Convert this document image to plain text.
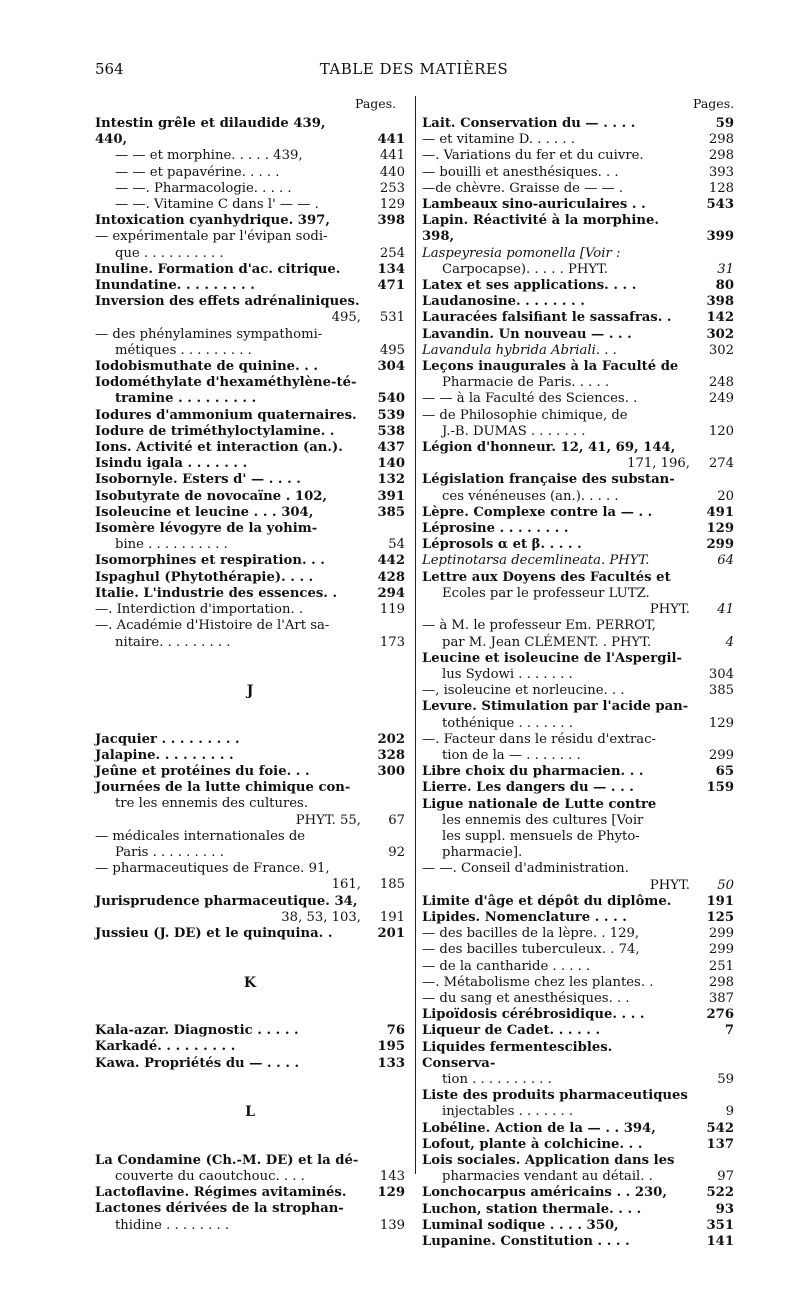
564	TABLE DES MATIÈRES
Pages.	Pages.
Intestin grêle et dilaudide 439, 440,	441
— — et morphine. . . . . 439,	441
— — et papavérine. . . . .	440
— —. Pharmacologie. . . . .	253
— —. Vitamine C dans l' — — .	129
Intoxication cyanhydrique. 397,	398
— expérimentale par l'évipan sodi-
que . . . . . . . . . .	254
Inuline. Formation d'ac. citrique.	134
Inundatine. . . . . . . . .	471
Inversion des effets adrénaliniques.
495,	531
— des phénylamines sympathomi-
métiques . . . . . . . . .	495
Iodobismuthate de quinine. . .	304
Iodométhylate d'hexaméthylène-té-
tramine . . . . . . . . .	540
Iodures d'ammonium quaternaires.	539
Iodure de triméthyloctylamine. .	538
Ions. Activité et interaction (an.).	437
Isindu igala . . . . . . .	140
Isobornyle. Esters d' — . . . .	132
Isobutyrate de novocaïne . 102,	391
Isoleucine et leucine . . . 304,	385
Isomère lévogyre de la yohim-
bine . . . . . . . . . .	54
Isomorphines et respiration. . .	442
Ispaghul (Phytothérapie). . . .	428
Italie. L'industrie des essences. .	294
—. Interdiction d'importation. .	119
—. Académie d'Histoire de l'Art sa-
nitaire. . . . . . . . .	173
J
Jacquier . . . . . . . . .	202
Jalapine. . . . . . . . .	328
Jeûne et protéines du foie. . .	300
Journées de la lutte chimique con-
tre les ennemis des cultures.
PHYT. 55,	67
— médicales internationales de
Paris . . . . . . . . .	92
— pharmaceutiques de France. 91,
161,	185
Jurisprudence pharmaceutique. 34,
38, 53, 103,	191
Jussieu (J. DE) et le quinquina. .	201
K
Kala-azar. Diagnostic . . . . .	76
Karkadé. . . . . . . . .	195
Kawa. Propriétés du — . . . .	133
L
La Condamine (Ch.-M. DE) et la dé-
couverte du caoutchouc. . . .	143
Lactoflavine. Régimes avitaminés.	129
Lactones dérivées de la strophan-
thidine . . . . . . . .	139
Lait. Conservation du — . . . .	59
— et vitamine D. . . . . .	298
—. Variations du fer et du cuivre.	298
— bouilli et anesthésiques. . .	393
—de chèvre. Graisse de — — .	128
Lambeaux sino-auriculaires . .	543
Lapin. Réactivité à la morphine. 398,	399
Laspeyresia pomonella [Voir :
Carpocapse). . . . . PHYT.	31
Latex et ses applications. . . .	80
Laudanosine. . . . . . . .	398
Lauracées falsifiant le sassafras. .	142
Lavandin. Un nouveau — . . .	302
Lavandula hybrida Abriali. . .	302
Leçons inaugurales à la Faculté de
Pharmacie de Paris. . . . .	248
— — à la Faculté des Sciences. .	249
— de Philosophie chimique, de
J.-B. DUMAS . . . . . . .	120
Légion d'honneur. 12, 41, 69, 144,
171, 196,	274
Législation française des substan-
ces vénéneuses (an.). . . . .	20
Lèpre. Complexe contre la — . .	491
Léprosine . . . . . . . .	129
Léprosols α et β. . . . .	299
Leptinotarsa decemlineata. PHYT.	64
Lettre aux Doyens des Facultés et
Ecoles par le professeur LUTZ.
PHYT.	41
— à M. le professeur Em. PERROT,
par M. Jean CLÉMENT. . PHYT.	4
Leucine et isoleucine de l'Aspergil-
lus Sydowi . . . . . . .	304
—, isoleucine et norleucine. . .	385
Levure. Stimulation par l'acide pan-
tothénique . . . . . . .	129
—. Facteur dans le résidu d'extrac-
tion de la — . . . . . . .	299
Libre choix du pharmacien. . .	65
Lierre. Les dangers du — . . .	159
Ligue nationale de Lutte contre
les ennemis des cultures [Voir
les suppl. mensuels de Phyto-
pharmacie].
— —. Conseil d'administration.
PHYT.	50
Limite d'âge et dépôt du diplôme.	191
Lipides. Nomenclature . . . .	125
— des bacilles de la lèpre. . 129,	299
— des bacilles tuberculeux. . 74,	299
— de la cantharide . . . . .	251
—. Métabolisme chez les plantes. .	298
— du sang et anesthésiques. . .	387
Lipoïdosis cérébrosidique. . . .	276
Liqueur de Cadet. . . . . .	7
Liquides fermentescibles. Conserva-
tion . . . . . . . . . .	59
Liste des produits pharmaceutiques
injectables . . . . . . .	9
Lobéline. Action de la — . . 394,	542
Lofout, plante à colchicine. . .	137
Lois sociales. Application dans les
pharmacies vendant au détail. .	97
Lonchocarpus américains . . 230,	522
Luchon, station thermale. . . .	93
Luminal sodique . . . . 350,	351
Lupanine. Constitution . . . .	141
